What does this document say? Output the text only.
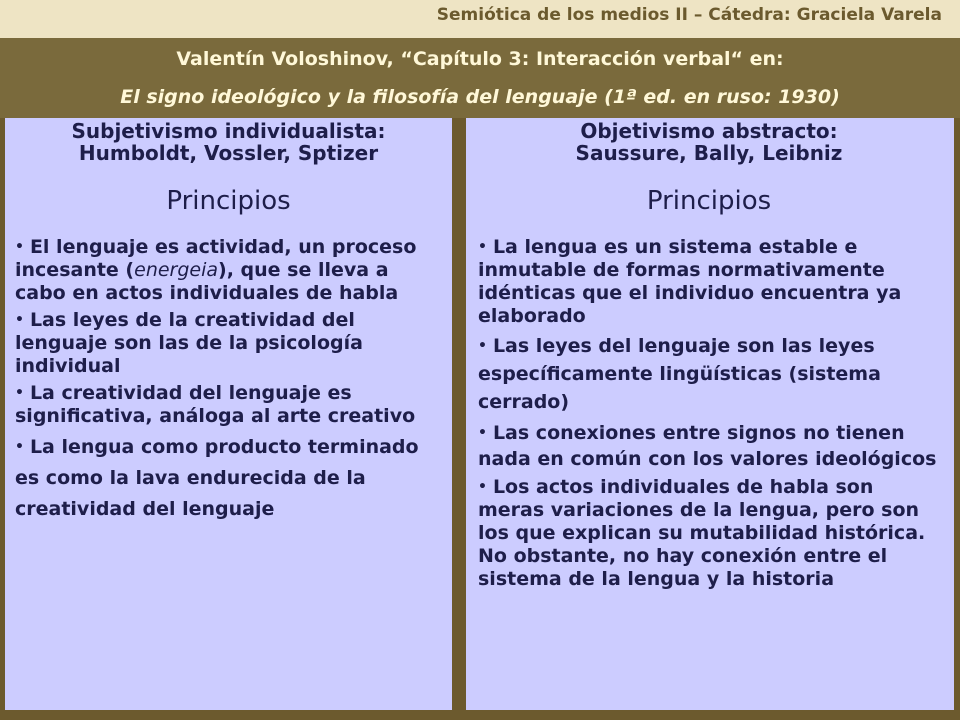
Semiótica de los medios II – Cátedra: Graciela Varela
Valentín Voloshinov, “Capítulo 3: Interacción verbal“ en:
El signo ideológico y la filosofía del lenguaje (1ª ed. en ruso: 1930)

Subjetivismo individualista:
Humboldt, Vossler, Sptizer

Principios

• El lenguaje es actividad, un proceso incesante (energeia), que se lleva a cabo en actos individuales de habla

• Las leyes de la creatividad del lenguaje son las de la psicología individual

• La creatividad del lenguaje es significativa, análoga al arte creativo

• La lengua como producto terminado es como la lava endurecida de la creatividad del lenguaje

Objetivismo abstracto:
Saussure, Bally, Leibniz

Principios

• La lengua es un sistema estable e inmutable de formas normativamente idénticas que el individuo encuentra ya elaborado

• Las leyes del lenguaje son las leyes específicamente lingüísticas (sistema cerrado)

• Las conexiones entre signos no tienen nada en común con los valores ideológicos

• Los actos individuales de habla son meras variaciones de la lengua, pero son los que explican su mutabilidad histórica. No obstante, no hay conexión entre el sistema de la lengua y la historia
